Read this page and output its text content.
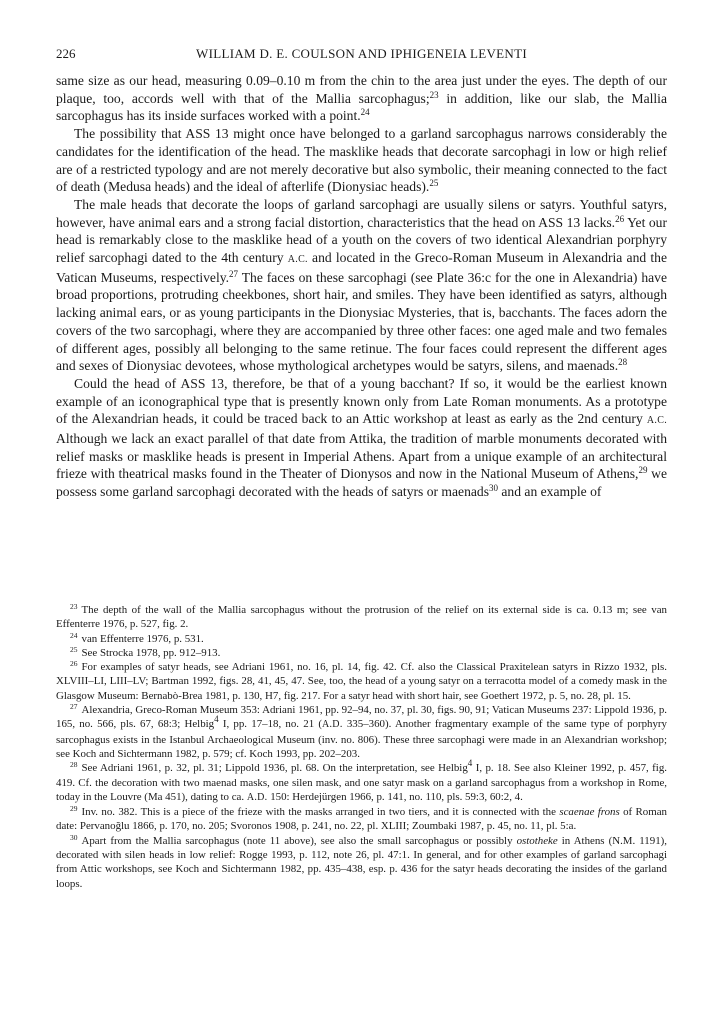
226	WILLIAM D. E. COULSON AND IPHIGENEIA LEVENTI

same size as our head, measuring 0.09–0.10 m from the chin to the area just under the eyes. The depth of our plaque, too, accords well with that of the Mallia sarcophagus;$^{23}$ in addition, like our slab, the Mallia sarcophagus has its inside surfaces worked with a point.$^{24}$

The possibility that ASS 13 might once have belonged to a garland sarcophagus narrows considerably the candidates for the identification of the head. The masklike heads that decorate sarcophagi in low or high relief are of a restricted typology and are not merely decorative but also symbolic, their meaning connected to the fact of death (Medusa heads) and the ideal of afterlife (Dionysiac heads).$^{25}$

The male heads that decorate the loops of garland sarcophagi are usually silens or satyrs. Youthful satyrs, however, have animal ears and a strong facial distortion, characteristics that the head on ASS 13 lacks.$^{26}$ Yet our head is remarkably close to the masklike head of a youth on the covers of two identical Alexandrian porphyry relief sarcophagi dated to the 4th century A.C. and located in the Greco-Roman Museum in Alexandria and the Vatican Museums, respectively.$^{27}$ The faces on these sarcophagi (see Plate 36:c for the one in Alexandria) have broad proportions, protruding cheekbones, short hair, and smiles. They have been identified as satyrs, although lacking animal ears, or as young participants in the Dionysiac Mysteries, that is, bacchants. The faces adorn the covers of the two sarcophagi, where they are accompanied by three other faces: one aged male and two females of different ages, possibly all belonging to the same retinue. The four faces could represent the different ages and sexes of Dionysiac devotees, whose mythological archetypes would be satyrs, silens, and maenads.$^{28}$

Could the head of ASS 13, therefore, be that of a young bacchant? If so, it would be the earliest known example of an iconographical type that is presently known only from Late Roman monuments. As a prototype of the Alexandrian heads, it could be traced back to an Attic workshop at least as early as the 2nd century A.C. Although we lack an exact parallel of that date from Attika, the tradition of marble monuments decorated with relief masks or masklike heads is present in Imperial Athens. Apart from a unique example of an architectural frieze with theatrical masks found in the Theater of Dionysos and now in the National Museum of Athens,$^{29}$ we possess some garland sarcophagi decorated with the heads of satyrs or maenads$^{30}$ and an example of

$^{23}$ The depth of the wall of the Mallia sarcophagus without the protrusion of the relief on its external side is ca. 0.13 m; see van Effenterre 1976, p. 527, fig. 2.

$^{24}$ van Effenterre 1976, p. 531.

$^{25}$ See Strocka 1978, pp. 912–913.

$^{26}$ For examples of satyr heads, see Adriani 1961, no. 16, pl. 14, fig. 42. Cf. also the Classical Praxitelean satyrs in Rizzo 1932, pls. XLVIII–LI, LIII–LV; Bartman 1992, figs. 28, 41, 45, 47. See, too, the head of a young satyr on a terracotta model of a comedy mask in the Glasgow Museum: Bernabò-Brea 1981, p. 130, H7, fig. 217. For a satyr head with short hair, see Goethert 1972, p. 5, no. 28, pl. 15.

$^{27}$ Alexandria, Greco-Roman Museum 353: Adriani 1961, pp. 92–94, no. 37, pl. 30, figs. 90, 91; Vatican Museums 237: Lippold 1936, p. 165, no. 566, pls. 67, 68:3; Helbig$^4$ I, pp. 17–18, no. 21 (A.D. 335–360). Another fragmentary example of the same type of porphyry sarcophagus exists in the Istanbul Archaeological Museum (inv. no. 806). These three sarcophagi were made in an Alexandrian workshop; see Koch and Sichtermann 1982, p. 579; cf. Koch 1993, pp. 202–203.

$^{28}$ See Adriani 1961, p. 32, pl. 31; Lippold 1936, pl. 68. On the interpretation, see Helbig$^4$ I, p. 18. See also Kleiner 1992, p. 457, fig. 419. Cf. the decoration with two maenad masks, one silen mask, and one satyr mask on a garland sarcophagus from a workshop in Rome, today in the Louvre (Ma 451), dating to ca. A.D. 150: Herdejürgen 1966, p. 141, no. 110, pls. 59:3, 60:2, 4.

$^{29}$ Inv. no. 382. This is a piece of the frieze with the masks arranged in two tiers, and it is connected with the scaenae frons of Roman date: Pervanoğlu 1866, p. 170, no. 205; Svoronos 1908, p. 241, no. 22, pl. XLIII; Zoumbaki 1987, p. 45, no. 11, pl. 5:a.

$^{30}$ Apart from the Mallia sarcophagus (note 11 above), see also the small sarcophagus or possibly ostotheke in Athens (N.M. 1191), decorated with silen heads in low relief: Rogge 1993, p. 112, note 26, pl. 47:1. In general, and for other examples of garland sarcophagi from Attic workshops, see Koch and Sichtermann 1982, pp. 435–438, esp. p. 436 for the satyr heads decorating the insides of the garland loops.
